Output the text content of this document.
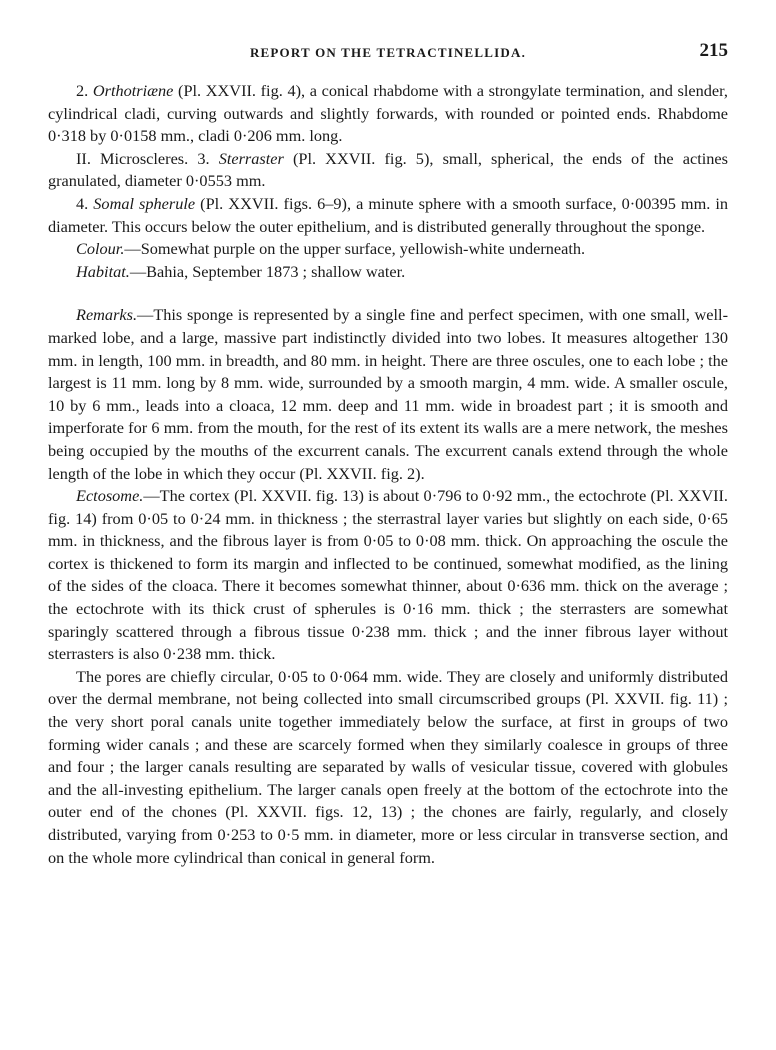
REPORT ON THE TETRACTINELLIDA.	215

2. Orthotriæne (Pl. XXVII. fig. 4), a conical rhabdome with a strongylate termination, and slender, cylindrical cladi, curving outwards and slightly forwards, with rounded or pointed ends. Rhabdome 0·318 by 0·0158 mm., cladi 0·206 mm. long.

II. Microscleres. 3. Sterraster (Pl. XXVII. fig. 5), small, spherical, the ends of the actines granulated, diameter 0·0553 mm.

4. Somal spherule (Pl. XXVII. figs. 6–9), a minute sphere with a smooth surface, 0·00395 mm. in diameter. This occurs below the outer epithelium, and is distributed generally throughout the sponge.

Colour.—Somewhat purple on the upper surface, yellowish-white underneath.

Habitat.—Bahia, September 1873 ; shallow water.

Remarks.—This sponge is represented by a single fine and perfect specimen, with one small, well-marked lobe, and a large, massive part indistinctly divided into two lobes. It measures altogether 130 mm. in length, 100 mm. in breadth, and 80 mm. in height. There are three oscules, one to each lobe ; the largest is 11 mm. long by 8 mm. wide, surrounded by a smooth margin, 4 mm. wide. A smaller oscule, 10 by 6 mm., leads into a cloaca, 12 mm. deep and 11 mm. wide in broadest part ; it is smooth and imperforate for 6 mm. from the mouth, for the rest of its extent its walls are a mere network, the meshes being occupied by the mouths of the excurrent canals. The excurrent canals extend through the whole length of the lobe in which they occur (Pl. XXVII. fig. 2).

Ectosome.—The cortex (Pl. XXVII. fig. 13) is about 0·796 to 0·92 mm., the ectochrote (Pl. XXVII. fig. 14) from 0·05 to 0·24 mm. in thickness ; the sterrastral layer varies but slightly on each side, 0·65 mm. in thickness, and the fibrous layer is from 0·05 to 0·08 mm. thick. On approaching the oscule the cortex is thickened to form its margin and inflected to be continued, somewhat modified, as the lining of the sides of the cloaca. There it becomes somewhat thinner, about 0·636 mm. thick on the average ; the ectochrote with its thick crust of spherules is 0·16 mm. thick ; the sterrasters are somewhat sparingly scattered through a fibrous tissue 0·238 mm. thick ; and the inner fibrous layer without sterrasters is also 0·238 mm. thick.

The pores are chiefly circular, 0·05 to 0·064 mm. wide. They are closely and uniformly distributed over the dermal membrane, not being collected into small circumscribed groups (Pl. XXVII. fig. 11) ; the very short poral canals unite together immediately below the surface, at first in groups of two forming wider canals ; and these are scarcely formed when they similarly coalesce in groups of three and four ; the larger canals resulting are separated by walls of vesicular tissue, covered with globules and the all-investing epithelium. The larger canals open freely at the bottom of the ectochrote into the outer end of the chones (Pl. XXVII. figs. 12, 13) ; the chones are fairly, regularly, and closely distributed, varying from 0·253 to 0·5 mm. in diameter, more or less circular in transverse section, and on the whole more cylindrical than conical in general form.
